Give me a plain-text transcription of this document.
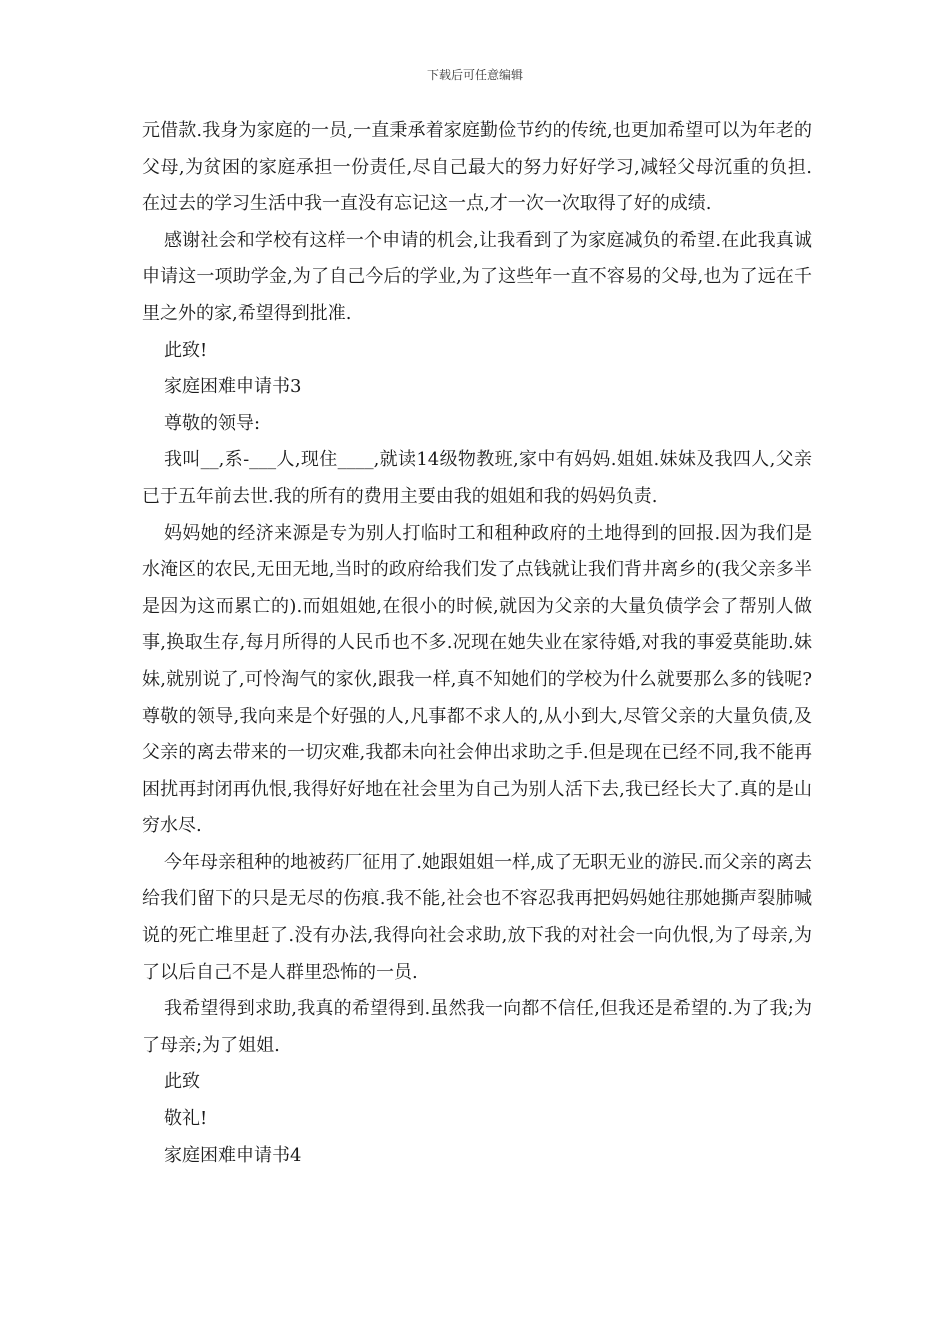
下载后可任意编辑

元借款.我身为家庭的一员,一直秉承着家庭勤俭节约的传统,也更加希望可以为年老的父母,为贫困的家庭承担一份责任,尽自己最大的努力好好学习,减轻父母沉重的负担.在过去的学习生活中我一直没有忘记这一点,才一次一次取得了好的成绩.

感谢社会和学校有这样一个申请的机会,让我看到了为家庭减负的希望.在此我真诚申请这一项助学金,为了自己今后的学业,为了这些年一直不容易的父母,也为了远在千里之外的家,希望得到批准.

此致!

家庭困难申请书3

尊敬的领导:

我叫__,系-___人,现住____,就读14级物教班,家中有妈妈.姐姐.妹妹及我四人,父亲已于五年前去世.我的所有的费用主要由我的姐姐和我的妈妈负责.

妈妈她的经济来源是专为别人打临时工和租种政府的土地得到的回报.因为我们是水淹区的农民,无田无地,当时的政府给我们发了点钱就让我们背井离乡的(我父亲多半是因为这而累亡的).而姐姐她,在很小的时候,就因为父亲的大量负债学会了帮别人做事,换取生存,每月所得的人民币也不多.况现在她失业在家待婚,对我的事爱莫能助.妹妹,就别说了,可怜淘气的家伙,跟我一样,真不知她们的学校为什么就要那么多的钱呢?尊敬的领导,我向来是个好强的人,凡事都不求人的,从小到大,尽管父亲的大量负债,及父亲的离去带来的一切灾难,我都未向社会伸出求助之手.但是现在已经不同,我不能再困扰再封闭再仇恨,我得好好地在社会里为自己为别人活下去,我已经长大了.真的是山穷水尽.

今年母亲租种的地被药厂征用了.她跟姐姐一样,成了无职无业的游民.而父亲的离去给我们留下的只是无尽的伤痕.我不能,社会也不容忍我再把妈妈她往那她撕声裂肺喊说的死亡堆里赶了.没有办法,我得向社会求助,放下我的对社会一向仇恨,为了母亲,为了以后自己不是人群里恐怖的一员.

我希望得到求助,我真的希望得到.虽然我一向都不信任,但我还是希望的.为了我;为了母亲;为了姐姐.

此致

敬礼!

家庭困难申请书4
